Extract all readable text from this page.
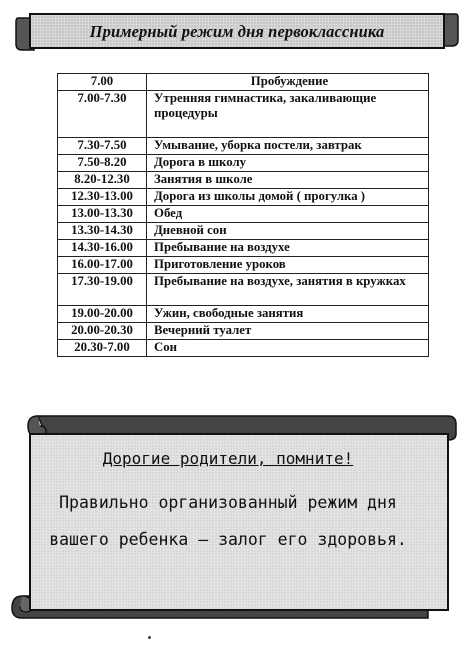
Примерный режим дня первоклассника
7.00	Пробуждение
7.00-7.30	Утренняя гимнастика, закаливающие процедуры
7.30-7.50	Умывание, уборка постели, завтрак
7.50-8.20	Дорога в школу
8.20-12.30	Занятия в школе
12.30-13.00	Дорога из школы домой ( прогулка )
13.00-13.30	Обед
13.30-14.30	Дневной сон
14.30-16.00	Пребывание на воздухе
16.00-17.00	Приготовление уроков
17.30-19.00	Пребывание на воздухе, занятия в кружках
19.00-20.00	Ужин, свободные занятия
20.00-20.30	Вечерний туалет
20.30-7.00	Сон
Дорогие родители, помните!
Правильно организованный режим дня вашего ребенка – залог его здоровья.
